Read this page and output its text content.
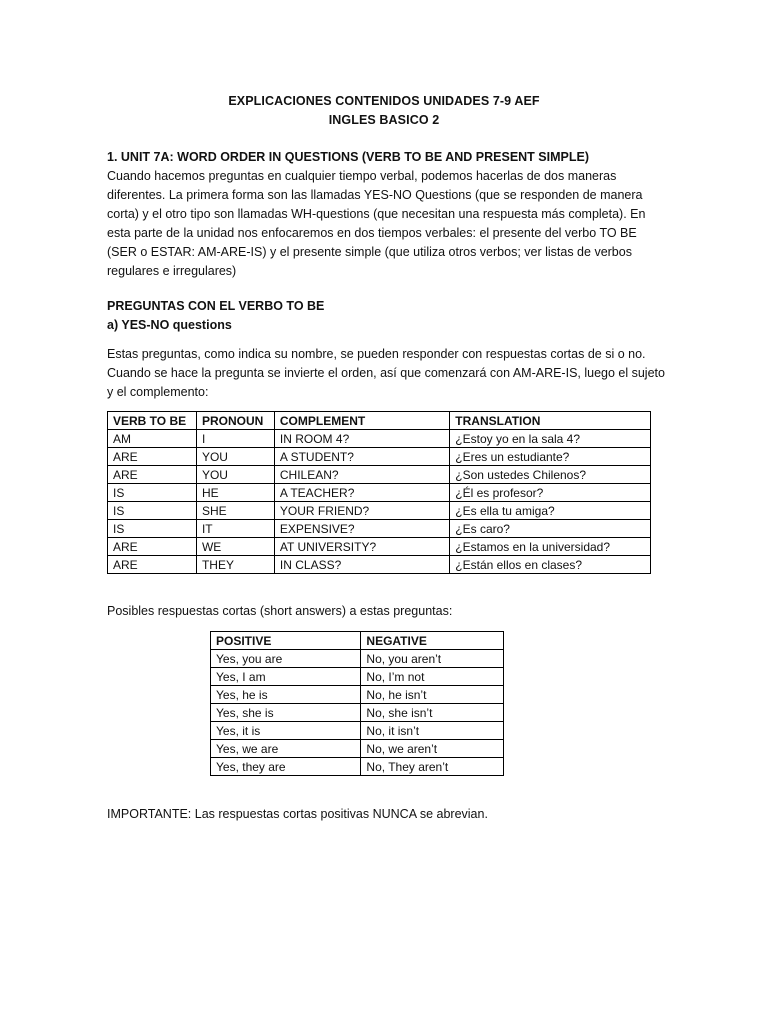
EXPLICACIONES CONTENIDOS UNIDADES 7-9 AEF
INGLES BASICO 2
1. UNIT 7A: WORD ORDER IN QUESTIONS (VERB TO BE AND PRESENT SIMPLE)
Cuando hacemos preguntas en cualquier tiempo verbal, podemos hacerlas de dos maneras
diferentes. La primera forma son las llamadas YES-NO Questions (que se responden de manera
corta) y el otro tipo son llamadas WH-questions (que necesitan una respuesta más completa). En
esta parte de la unidad nos enfocaremos en dos tiempos verbales: el presente del verbo TO BE
(SER o ESTAR: AM-ARE-IS) y el presente simple (que utiliza otros verbos; ver listas de verbos
regulares e irregulares)
PREGUNTAS CON EL VERBO TO BE
a) YES-NO questions
Estas preguntas, como indica su nombre, se pueden responder con respuestas cortas de si o no.
Cuando se hace la pregunta se invierte el orden, así que comenzará con AM-ARE-IS, luego el sujeto
y el complemento:
VERB TO BE	PRONOUN	COMPLEMENT	TRANSLATION
AM	I	IN ROOM 4?	¿Estoy yo en la sala 4?
ARE	YOU	A STUDENT?	¿Eres un estudiante?
ARE	YOU	CHILEAN?	¿Son ustedes Chilenos?
IS	HE	A TEACHER?	¿Él es profesor?
IS	SHE	YOUR FRIEND?	¿Es ella tu amiga?
IS	IT	EXPENSIVE?	¿Es caro?
ARE	WE	AT UNIVERSITY?	¿Estamos en la universidad?
ARE	THEY	IN CLASS?	¿Están ellos en clases?
Posibles respuestas cortas (short answers) a estas preguntas:
POSITIVE	NEGATIVE
Yes, you are	No, you aren’t
Yes, I am	No, I’m not
Yes, he is	No, he isn’t
Yes, she is	No, she isn’t
Yes, it is	No, it isn’t
Yes, we are	No, we aren’t
Yes, they are	No, They aren’t
IMPORTANTE: Las respuestas cortas positivas NUNCA se abrevian.
